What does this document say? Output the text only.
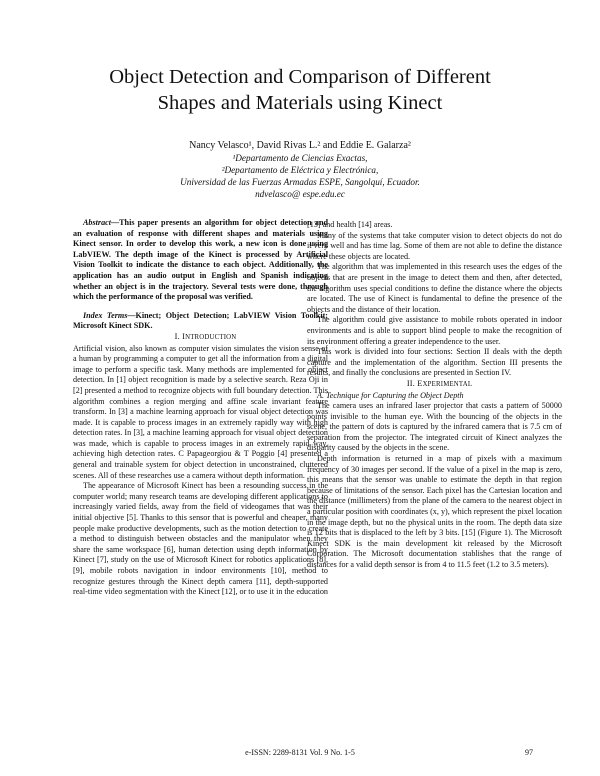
Object Detection and Comparison of Different
Shapes and Materials using Kinect
Nancy Velasco¹, David Rivas L.² and Eddie E. Galarza²
¹Departamento de Ciencias Exactas,
²Departamento de Eléctrica y Electrónica,
Universidad de las Fuerzas Armadas ESPE, Sangolquí, Ecuador.
ndvelasco@ espe.edu.ec

Abstract—This paper presents an algorithm for object detection and an evaluation of response with different shapes and materials using Kinect sensor. In order to develop this work, a new icon is done using LabVIEW. The depth image of the Kinect is processed by Artificial Vision Toolkit to indicate the distance to each object. Additionally, the application has an audio output in English and Spanish indicating whether an object is in the trajectory. Several tests were done, through which the performance of the proposal was verified.

Index Terms—Kinect; Object Detection; LabVIEW Vision Toolkit; Microsoft Kinect SDK.

I. INTRODUCTION

Artificial vision, also known as computer vision simulates the vision sense of a human by programming a computer to get all the information from a digital image to perform a specific task. Many methods are implemented for object detection. In [1] object recognition is made by a selective search. Reza Oji in [2] presented a method to recognize objects with full boundary detection. This algorithm combines a region merging and affine scale invariant feature transform. In [3] a machine learning approach for visual object detection was made. It is capable to process images in an extremely rapidly way with high detection rates. In [3], a machine learning approach for visual object detection was made, which is capable to process images in an extremely rapid way, achieving high detection rates. C Papageorgiou & T Poggio [4] presented a general and trainable system for object detection in unconstrained, cluttered scenes. All of these researches use a camera without depth information.

The appearance of Microsoft Kinect has been a resounding success in the computer world; many research teams are developing different applications to increasingly varied fields, away from the field of videogames that was their initial objective [5]. Thanks to this sensor that is powerful and cheaper, many people make productive developments, such as the motion detection to create a method to distinguish between obstacles and the manipulator when they share the same workspace [6], human detection using depth information by Kinect [7], study on the use of Microsoft Kinect for robotics applications [8],[9], mobile robots navigation in indoor environments [10], method to recognize gestures through the Kinect depth camera [11], depth-supported real-time video segmentation with the Kinect [12], or to use it in the education

[13] and health [14] areas.

Many of the systems that take computer vision to detect objects do not do it very well and has time lag. Some of them are not able to define the distance where these objects are located.

The algorithm that was implemented in this research uses the edges of the objects that are present in the image to detect them and then, after detected, the algorithm uses special conditions to define the distance where the objects are located. The use of Kinect is fundamental to define the presence of the objects and the distance of their location.

The algorithm could give assistance to mobile robots operated in indoor environments and is able to support blind people to make the recognition of its environment offering a greater independence to the user.

This work is divided into four sections: Section II deals with the depth capture and the implementation of the algorithm. Section III presents the results, and finally the conclusions are presented in Section IV.

II. EXPERIMENTAL

A. Technique for Capturing the Object Depth

The camera uses an infrared laser projector that casts a pattern of 50000 points invisible to the human eye. With the bouncing of the objects in the scene, the pattern of dots is captured by the infrared camera that is 7.5 cm of separation from the projector. The integrated circuit of Kinect analyzes the disparity caused by the objects in the scene.

Depth information is returned in a map of pixels with a maximum frequency of 30 images per second. If the value of a pixel in the map is zero, this means that the sensor was unable to estimate the depth in that region because of limitations of the sensor. Each pixel has the Cartesian location and the distance (millimeters) from the plane of the camera to the nearest object in a particular position with coordinates (x, y), which represent the pixel location in the image depth, but no the physical units in the room. The depth data size is 12 bits that is displaced to the left by 3 bits. [15] (Figure 1). The Microsoft Kinect SDK is the main development kit released by the Microsoft Corporation. The Microsoft documentation stablishes that the range of distances for a valid depth sensor is from 4 to 11.5 feet (1.2 to 3.5 meters).

e-ISSN: 2289-8131 Vol. 9 No. 1-5	97
